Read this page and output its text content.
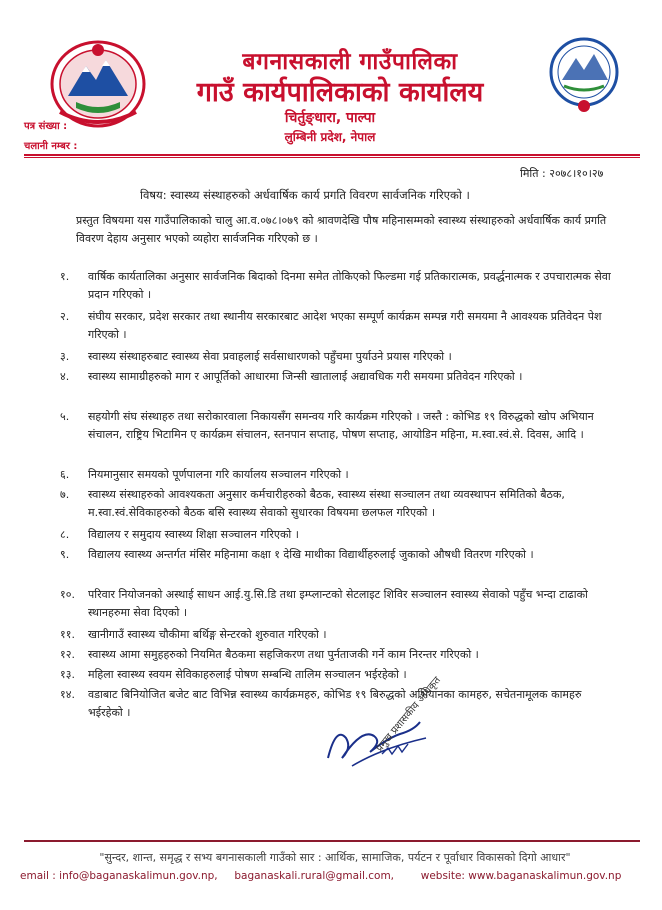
बगनासकाली गाउँपालिका
गाउँ कार्यपालिकाको कार्यालय
चिर्तुङ्धारा, पाल्पा
लुम्बिनी प्रदेश, नेपाल
पत्र संख्या :
चलानी नम्बर :
मिति : २०७८।१०।२७
विषय: स्वास्थ्य संस्थाहरुको अर्धवार्षिक कार्य प्रगति विवरण सार्वजनिक गरिएको ।
प्रस्तुत विषयमा यस गाउँपालिकाको चालु आ.व.०७८।०७९ को श्रावणदेखि पौष महिनासम्मको स्वास्थ्य संस्थाहरुको अर्धवार्षिक कार्य प्रगति विवरण देहाय अनुसार भएको व्यहोरा सार्वजनिक गरिएको छ ।
१.	वार्षिक कार्यतालिका अनुसार सार्वजनिक बिदाको दिनमा समेत तोकिएको फिल्डमा गई प्रतिकारात्मक, प्रवर्द्धनात्मक र उपचारात्मक सेवा प्रदान गरिएको ।
२.	संघीय सरकार, प्रदेश सरकार तथा स्थानीय सरकारबाट आदेश भएका सम्पूर्ण कार्यक्रम सम्पन्न गरी समयमा नै आवश्यक प्रतिवेदन पेश गरिएको ।
३.	स्वास्थ्य संस्थाहरुबाट स्वास्थ्य सेवा प्रवाहलाई सर्वसाधारणको पहुँचमा पुर्याउने प्रयास गरिएको ।
४.	स्वास्थ्य सामाग्रीहरुको माग र आपूर्तिको आधारमा जिन्सी खातालाई अद्यावधिक गरी समयमा प्रतिवेदन गरिएको ।
५.	सहयोगी संघ संस्थाहरु तथा सरोकारवाला निकायसँग समन्वय गरि कार्यक्रम गरिएको । जस्तै : कोभिड १९ विरुद्धको खोप अभियान संचालन, राष्ट्रिय भिटामिन ए कार्यक्रम संचालन, स्तनपान सप्ताह, पोषण सप्ताह, आयोडिन महिना, म.स्वा.स्वं.से. दिवस, आदि ।
६.	नियमानुसार समयको पूर्णपालना गरि कार्यालय सञ्चालन गरिएको ।
७.	स्वास्थ्य संस्थाहरुको आवश्यकता अनुसार कर्मचारीहरुको बैठक, स्वास्थ्य संस्था सञ्चालन तथा व्यवस्थापन समितिको बैठक, म.स्वा.स्वं.सेविकाहरुको बैठक बसि स्वास्थ्य सेवाको सुधारका विषयमा छलफल गरिएको ।
८.	विद्यालय र समुदाय स्वास्थ्य शिक्षा सञ्चालन गरिएको ।
९.	विद्यालय स्वास्थ्य अन्तर्गत मंसिर महिनामा कक्षा १ देखि माथीका विद्यार्थीहरुलाई जुकाको औषधी वितरण गरिएको ।
१०.	परिवार नियोजनको अस्थाई साधन आई.यु.सि.डि तथा इम्प्लान्टको सेटलाइट शिविर सञ्चालन स्वास्थ्य सेवाको पहुँच भन्दा टाढाको स्थानहरुमा सेवा दिएको ।
११.	खानीगाउँ स्वास्थ्य चौकीमा बर्थिङ्ग सेन्टरको शुरुवात गरिएको ।
१२.	स्वास्थ्य आमा समुहहरुको नियमित बैठकमा सहजिकरण तथा पुर्नताजकी गर्ने काम निरन्तर गरिएको ।
१३.	महिला स्वास्थ्य स्वयम सेविकाहरुलाई पोषण सम्बन्धि तालिम सञ्चालन भईरहेको ।
१४.	वडाबाट बिनियोजित बजेट बाट विभिन्न स्वास्थ्य कार्यक्रमहरु, कोभिड १९ बिरुद्धको अभियानका कामहरु, सचेतनामूलक कामहरु भईरहेको ।	प्रमुख प्रशासकीय अधिकृत
"सुन्दर, शान्त, समृद्ध र सभ्य बगनासकाली गाउँको सार : आर्थिक, सामाजिक, पर्यटन र पूर्वाधार विकासको दिगो आधार"
email : info@baganaskalimun.gov.np, baganaskali.rural@gmail.com,	website: www.baganaskalimun.gov.np
